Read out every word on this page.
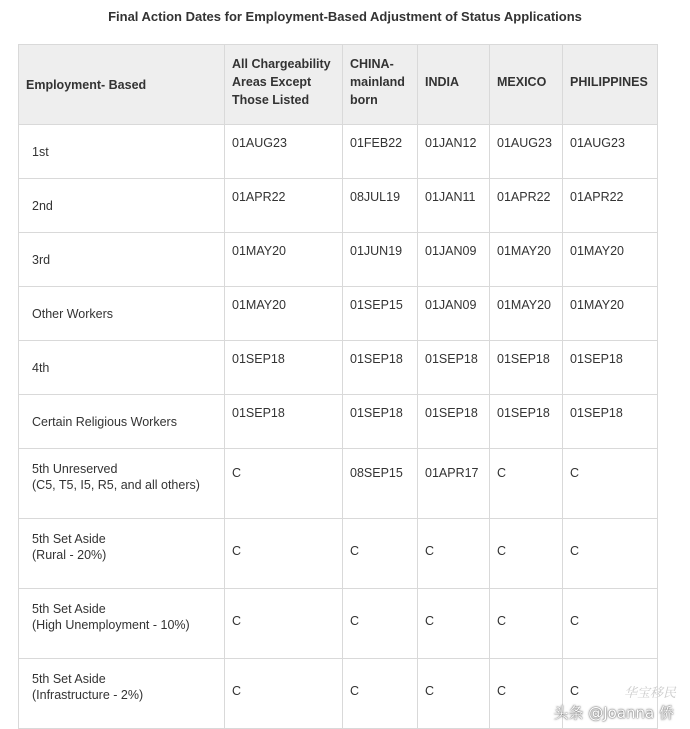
Final Action Dates for Employment-Based Adjustment of Status Applications
Employment- Based	All Chargeability
Areas Except
Those Listed	CHINA-
mainland
born	INDIA	MEXICO	PHILIPPINES
1st	01AUG23	01FEB22	01JAN12	01AUG23	01AUG23
2nd	01APR22	08JUL19	01JAN11	01APR22	01APR22
3rd	01MAY20	01JUN19	01JAN09	01MAY20	01MAY20
Other Workers	01MAY20	01SEP15	01JAN09	01MAY20	01MAY20
4th	01SEP18	01SEP18	01SEP18	01SEP18	01SEP18
Certain Religious Workers	01SEP18	01SEP18	01SEP18	01SEP18	01SEP18

5th Unreserved
(C5, T5, I5, R5, and all others)	C	08SEP15	01APR17	C	C

5th Set Aside
(Rural - 20%)	C	C	C	C	C

5th Set Aside
(High Unemployment - 10%)	C	C	C	C	C

5th Set Aside
(Infrastructure - 2%)	C	C	C	C	C	华宝移民
头条 @Joanna 侨
